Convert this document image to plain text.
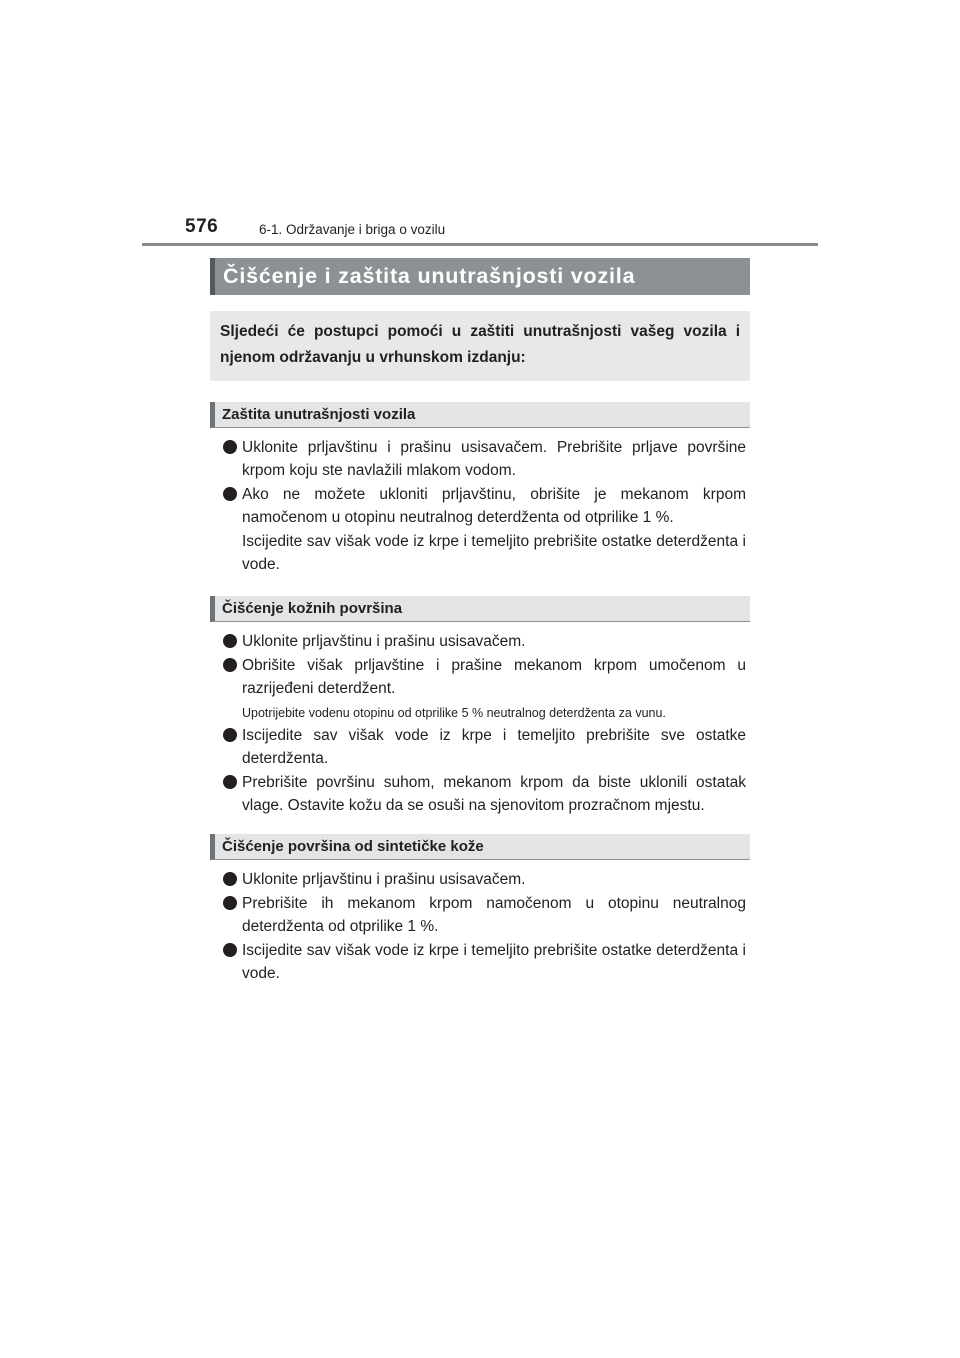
576	6-1. Održavanje i briga o vozilu
Čišćenje i zaštita unutrašnjosti vozila
Sljedeći će postupci pomoći u zaštiti unutrašnjosti vašeg vozila i njenom održavanju u vrhunskom izdanju:
Zaštita unutrašnjosti vozila
Uklonite prljavštinu i prašinu usisavačem. Prebrišite prljave površine krpom koju ste navlažili mlakom vodom.
Ako ne možete ukloniti prljavštinu, obrišite je mekanom krpom namočenom u otopinu neutralnog deterdženta od otprilike 1 %.
Iscijedite sav višak vode iz krpe i temeljito prebrišite ostatke deterdženta i vode.
Čišćenje kožnih površina
Uklonite prljavštinu i prašinu usisavačem.
Obrišite višak prljavštine i prašine mekanom krpom umočenom u razrijeđeni deterdžent.
Upotrijebite vodenu otopinu od otprilike 5 % neutralnog deterdženta za vunu.
Iscijedite sav višak vode iz krpe i temeljito prebrišite sve ostatke deterdženta.
Prebrišite površinu suhom, mekanom krpom da biste uklonili ostatak vlage. Ostavite kožu da se osuši na sjenovitom prozračnom mjestu.
Čišćenje površina od sintetičke kože
Uklonite prljavštinu i prašinu usisavačem.
Prebrišite ih mekanom krpom namočenom u otopinu neutralnog deterdženta od otprilike 1 %.
Iscijedite sav višak vode iz krpe i temeljito prebrišite ostatke deterdženta i vode.
